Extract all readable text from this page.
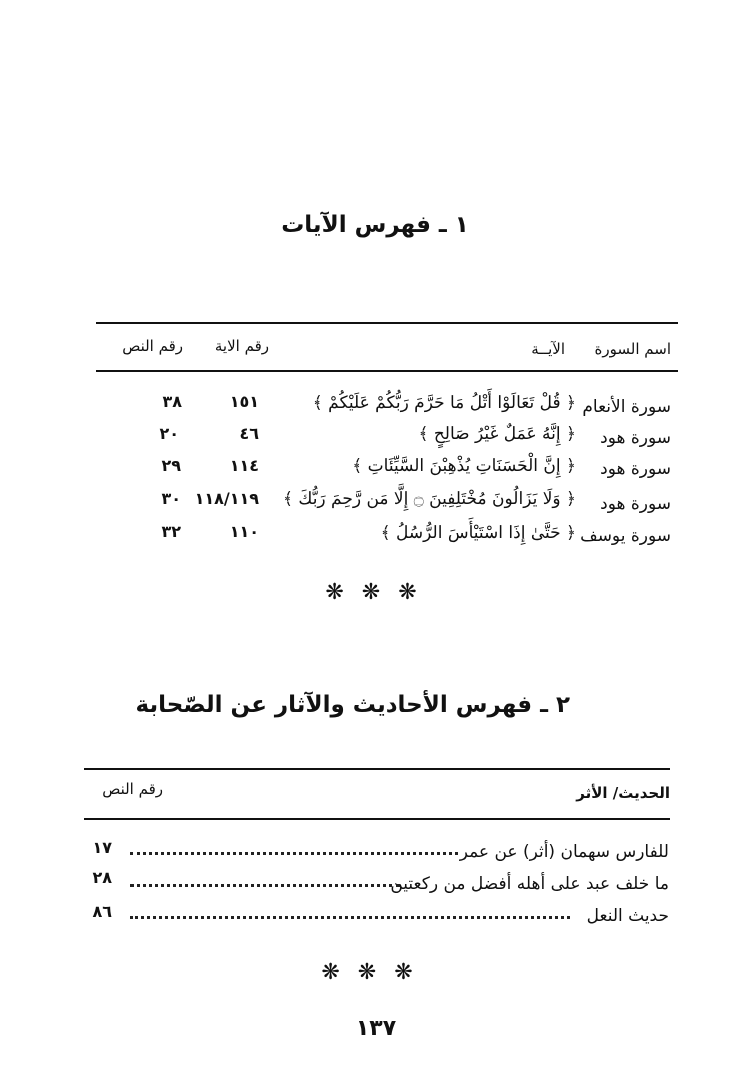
١ ـ فهرس الآيات
اسم السورة
الآيــة
رقم الاية
رقم النص
سورة الأنعام
﴿ قُلْ تَعَالَوْا أَتْلُ مَا حَرَّمَ رَبُّكُمْ عَلَيْكُمْ ﴾
١٥١
٣٨
سورة هود
﴿ إِنَّهُ عَمَلٌ غَيْرُ صَالِحٍ ﴾
٤٦
٢٠
سورة هود
﴿ إِنَّ الْحَسَنَاتِ يُذْهِبْنَ السَّيِّئَاتِ ﴾
١١٤
٢٩
سورة هود
﴿ وَلَا يَزَالُونَ مُخْتَلِفِينَ ۝ إِلَّا مَن رَّحِمَ رَبُّكَ ﴾
١١٨/١١٩
٣٠
سورة يوسف
﴿ حَتَّىٰ إِذَا اسْتَيْأَسَ الرُّسُلُ ﴾
١١٠
٣٢
❋❋❋
٢ ـ فهرس الأحاديث والآثار عن الصّحابة
الحديث/ الأثر
رقم النص
للفارس سهمان (أثر) عن عمر
١٧
ما خلف عبد على أهله أفضل من ركعتين
٢٨
حديث النعل
٨٦
❋❋❋
١٣٧
